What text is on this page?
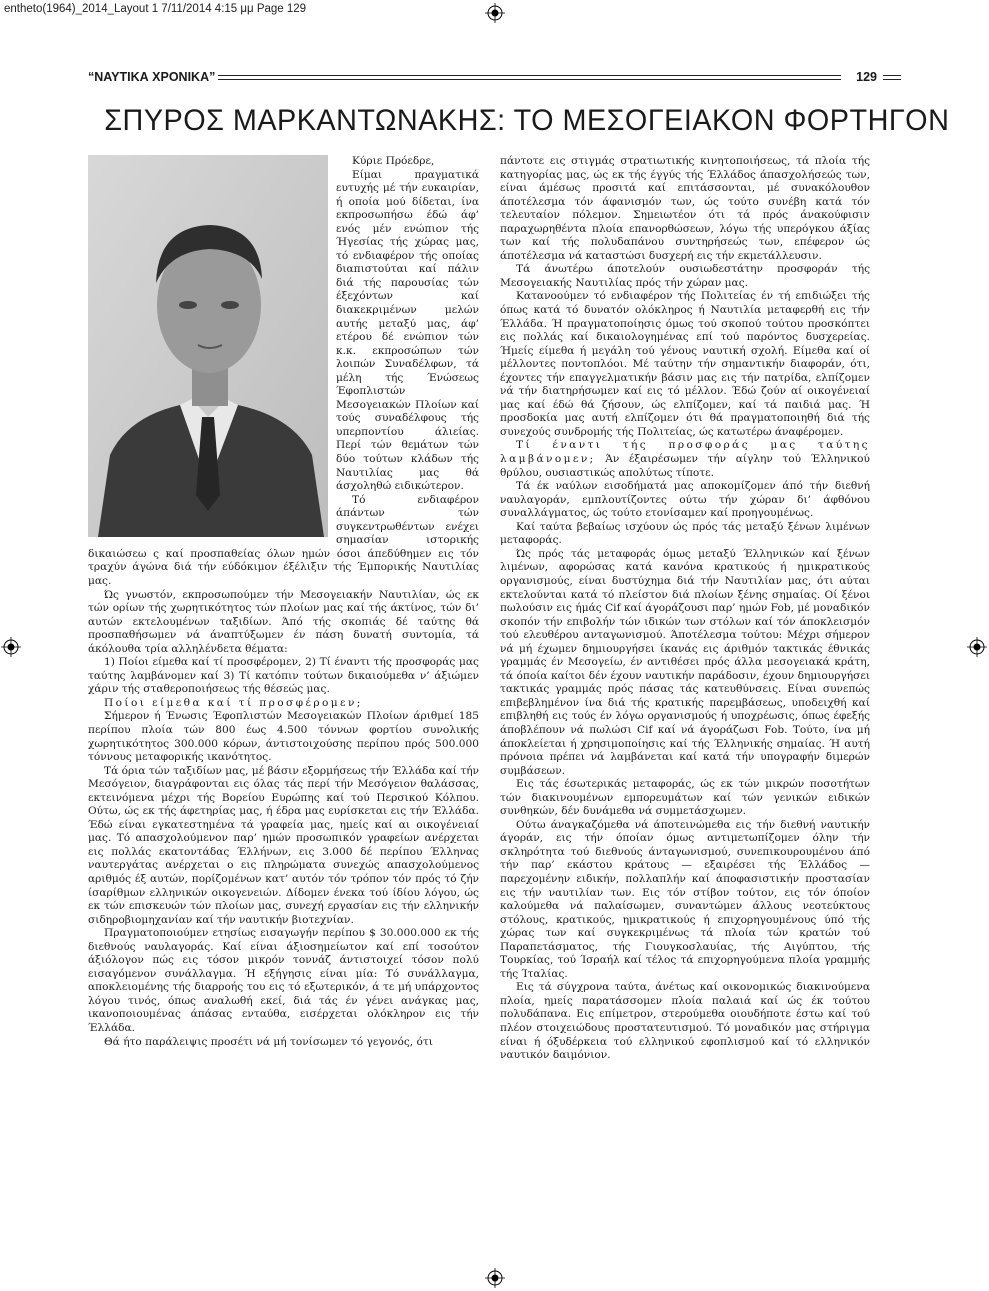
entheto(1964)_2014_Layout 1 7/11/2014 4:15 μμ Page 129
“ΝΑΥΤΙΚΑ ΧΡΟΝΙΚΑ”	129
ΣΠΥΡΟΣ ΜΑΡΚΑΝΤΩΝΑΚΗΣ: ΤΟ ΜΕΣΟΓΕΙΑΚΟΝ ΦΟΡΤΗΓΟΝ

Κύριε Πρόεδρε,

Είμαι πραγματικά ευτυχής μέ τήν ευκαιρίαν, ή οποία μού δίδεται, ίνα εκπροσωπήσω έδώ άφ’ ενός μέν ενώπιον τής Ήγεσίας τής χώρας μας, τό ενδιαφέρον τής οποίας διαπιστούται καί πάλιν διά τής παρουσίας τών έξεχόντων καί διακεκριμένων μελών αυτής μεταξύ μας, άφ’ ετέρου δέ ενώπιον τών κ.κ. εκπροσώπων τών λοιπών Συναδέλφων, τά μέλη τής Ένώσεως Έφοπλιστών Μεσογειακών Πλοίων καί τούς συναδέλφους τής υπερποντίου άλιείας. Περί τών θεμάτων τών δύο τούτων κλάδων τής Ναυτιλίας μας θά άσχοληθώ ειδικώτερον.

Τό ενδιαφέρον άπάντων τών συγκεντρωθέντων ενέχει σημασίαν ιστορικής δικαιώσεω ς καί προσπαθείας όλων ημών όσοι άπεδύθημεν εις τόν τραχύν άγώνα διά τήν εύδόκιμον έξέλιξιν τής Έμπορικής Ναυτιλίας μας.

Ώς γνωστόν, εκπροσωπούμεν τήν Μεσογειακήν Ναυτιλίαν, ώς εκ τών ορίων τής χωρητικότητος τών πλοίων μας καί τής άκτίνος, τών δι’ αυτών εκτελουμένων ταξιδίων. Άπό τής σκοπιάς δέ ταύτης θά προσπαθήσωμεν νά άναπτύξωμεν έν πάση δυνατή συντομία, τά άκόλουθα τρία αλληλένδετα θέματα:

1) Ποίοι είμεθα καί τί προσφέρομεν, 2) Τί έναντι τής προσφοράς μας ταύτης λαμβάνομεν καί 3) Τί κατόπιν τούτων δικαιούμεθα ν’ άξιώμεν χάριν τής σταθεροποιήσεως τής θέσεώς μας.

Ποίοι είμεθα καί τί προσφέρομεν;

Σήμερον ή Ένωσις Έφοπλιστών Μεσογειακών Πλοίων άριθμεί 185 περίπου πλοία τών 800 έως 4.500 τόννων φορτίου συνολικής χωρητικότητος 300.000 κόρων, άντιστοιχούσης περίπου πρός 500.000 τόννους μεταφορικής ικανότητος.

Τά όρια τών ταξιδίων μας, μέ βάσιν εξορμήσεως τήν Έλλάδα καί τήν Μεσόγειον, διαγράφονται εις όλας τάς περί τήν Μεσόγειον θαλάσσας, εκτεινόμενα μέχρι τής Βορείου Ευρώπης καί τού Περσικού Κόλπου. Ούτω, ώς εκ τής άφετηρίας μας, ή έδρα μας ευρίσκεται εις τήν Έλλάδα. Έδώ είναι εγκατεστημένα τά γραφεία μας, ημείς καί αι οικογένειαί μας. Τό απασχολούμενον παρ’ ημών προσωπικόν γραφείων ανέρχεται εις πολλάς εκατοντάδας Έλλήνων, εις 3.000 δέ περίπου Έλληνας ναυτεργάτας ανέρχεται ο εις πληρώματα συνεχώς απασχολούμενος αριθμός έξ αυτών, πορίζομένων κατ’ αυτόν τόν τρόπον τόν πρός τό ζήν ίσαρίθμων ελληνικών οικογενειών. Δίδομεν ένεκα τού ίδίου λόγου, ώς εκ τών επισκευών τών πλοίων μας, συνεχή εργασίαν εις τήν ελληνικήν σιδηροβιομηχανίαν καί τήν ναυτικήν βιοτεχνίαν.

Πραγματοποιούμεν ετησίως εισαγωγήν περίπου $ 30.000.000 εκ τής διεθνούς ναυλαγοράς. Καί είναι άξιοσημείωτον καί επί τοσούτον άξιόλογον πώς εις τόσον μικρόν τοννάζ άντιστοιχεί τόσον πολύ εισαγόμενον συνάλλαγμα. Ή εξήγησις είναι μία: Τό συνάλλαγμα, αποκλειομένης τής διαρροής του εις τό εξωτερικόν, ά τε μή υπάρχοντος λόγου τινός, όπως αναλωθή εκεί, διά τάς έν γένει ανάγκας μας, ικανοποιουμένας άπάσας ενταύθα, εισέρχεται ολόκληρον εις τήν Έλλάδα.

Θά ήτο παράλειψις προσέτι νά μή τονίσωμεν τό γεγονός, ότι

πάντοτε εις στιγμάς στρατιωτικής κινητοποιήσεως, τά πλοία τής κατηγορίας μας, ώς εκ τής έγγύς τής Έλλάδος άπασχολήσεώς των, είναι άμέσως προσιτά καί επιτάσσονται, μέ συνακόλουθον άποτέλεσμα τόν άφανισμόν των, ώς τούτο συνέβη κατά τόν τελευταίον πόλεμον. Σημειωτέον ότι τά πρός άνακούφισιν παραχωρηθέντα πλοία επανορθώσεων, λόγω τής υπερόγκου άξίας των καί τής πολυδαπάνου συντηρήσεώς των, επέφερον ώς άποτέλεσμα νά καταστώσι δυσχερή εις τήν εκμετάλλευσιν.

Τά άνωτέρω άποτελούν ουσιωδεστάτην προσφοράν τής Μεσογειακής Ναυτιλίας πρός τήν χώραν μας.

Κατανοούμεν τό ενδιαφέρον τής Πολιτείας έν τή επιδιώξει τής όπως κατά τό δυνατόν ολόκληρος ή Ναυτιλία μεταφερθή εις τήν Έλλάδα. Ή πραγματοποίησις όμως τού σκοπού τούτου προσκόπτει εις πολλάς καί δικαιολογημένας επί τού παρόντος δυσχερείας. Ήμείς είμεθα ή μεγάλη τού γένους ναυτική σχολή. Είμεθα καί οί μέλλοντες ποντοπλόοι. Μέ ταύτην τήν σημαντικήν διαφοράν, ότι, έχοντες τήν επαγγελματικήν βάσιν μας εις τήν πατρίδα, ελπίζομεν νά τήν διατηρήσωμεν καί εις τό μέλλον. Έδώ ζούν αί οικογένειαί μας καί έδώ θά ζήσουν, ώς ελπίζομεν, καί τά παιδιά μας. Ή προσδοκία μας αυτή ελπίζομεν ότι θά πραγματοποιηθή διά τής συνεχούς συνδρομής τής Πολιτείας, ώς κατωτέρω άναφέρομεν.

Τί έναντι τής προσφοράς μας ταύτης λαμβάνομεν; Άν έξαιρέσωμεν τήν αίγλην τού Έλληνικού θρύλου, ουσιαστικώς απολύτως τίποτε.

Τά έκ ναύλων εισοδήματά μας αποκομίζομεν άπό τήν διεθνή ναυλαγοράν, εμπλουτίζοντες ούτω τήν χώραν δι’ άφθόνου συναλλάγματος, ώς τούτο ετονίσαμεν καί προηγουμένως.

Καί ταύτα βεβαίως ισχύουν ώς πρός τάς μεταξύ ξένων λιμένων μεταφοράς.

Ώς πρός τάς μεταφοράς όμως μεταξύ Έλληνικών καί ξένων λιμένων, αφορώσας κατά κανόνα κρατικούς ή ημικρατικούς οργανισμούς, είναι δυστύχημα διά τήν Ναυτιλίαν μας, ότι αύται εκτελούνται κατά τό πλείστον διά πλοίων ξένης σημαίας. Οί ξένοι πωλούσιν εις ήμάς Cif καί άγοράζουσι παρ’ ημών Fob, μέ μοναδικόν σκοπόν τήν επιβολήν τών ιδικών των στόλων καί τόν άποκλεισμόν τού ελευθέρου ανταγωνισμού. Άποτέλεσμα τούτου: Μέχρι σήμερον νά μή έχωμεν δημιουργήσει ίκανάς εις άριθμόν τακτικάς έθνικάς γραμμάς έν Μεσογείω, έν αντιθέσει πρός άλλα μεσογειακά κράτη, τά όποία καίτοι δέν έχουν ναυτικήν παράδοσιν, έχουν δημιουργήσει τακτικάς γραμμάς πρός πάσας τάς κατευθύνσεις. Είναι συνεπώς επιβεβλημένον ίνα διά τής κρατικής παρεμβάσεως, υποδειχθή καί επιβληθή εις τούς έν λόγω οργανισμούς ή υποχρέωσις, όπως έφεξής άποβλέπουν νά πωλώσι Cif καί νά άγοράζωσι Fob. Τούτο, ίνα μή άποκλείεται ή χρησιμοποίησις καί τής Έλληνικής σημαίας. Ή αυτή πρόνοια πρέπει νά λαμβάνεται καί κατά τήν υπογραφήν διμερών συμβάσεων.

Εις τάς έσωτερικάς μεταφοράς, ώς εκ τών μικρών ποσοτήτων τών διακινουμένων εμπορευμάτων καί τών γενικών ειδικών συνθηκών, δέν δυνάμεθα νά συμμετάσχωμεν.

Ούτω άναγκαζόμεθα νά άποτεινώμεθα εις τήν διεθνή ναυτικήν άγοράν, εις τήν όποίαν όμως αντιμετωπίζομεν όλην τήν σκληρότητα τού διεθνούς άνταγωνισμού, συνεπικουρουμένου άπό τήν παρ’ εκάστου κράτους — εξαιρέσει τής Έλλάδος — παρεχομένην ειδικήν, πολλαπλήν καί άποφασιστικήν προστασίαν εις τήν ναυτιλίαν των. Εις τόν στίβον τούτον, εις τόν όποίον καλούμεθα νά παλαίσωμεν, συναντώμεν άλλους νεοτεύκτους στόλους, κρατικούς, ημικρατικούς ή επιχορηγουμένους ύπό τής χώρας των καί συγκεκριμένως τά πλοία τών κρατών τού Παραπετάσματος, τής Γιουγκοσλαυίας, τής Αιγύπτου, τής Τουρκίας, τού Ίσραήλ καί τέλος τά επιχορηγούμενα πλοία γραμμής τής Ίταλίας.

Εις τά σύγχρονα ταύτα, άνέτως καί οικονομικώς διακινούμενα πλοία, ημείς παρατάσσομεν πλοία παλαιά καί ώς έκ τούτου πολυδάπανα. Εις επίμετρον, στερούμεθα οιουδήποτε έστω καί τού πλέον στοιχειώδους προστατευτισμού. Τό μοναδικόν μας στήριγμα είναι ή όξυδέρκεια τού ελληνικού εφοπλισμού καί τό ελληνικόν ναυτικόν δαιμόνιον.
